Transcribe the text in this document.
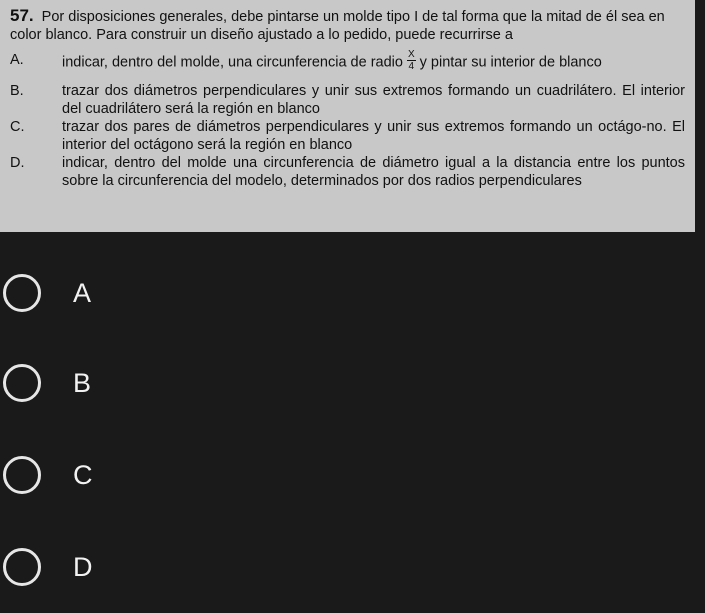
57. Por disposiciones generales, debe pintarse un molde tipo I de tal forma que la mitad de él sea en color blanco. Para construir un diseño ajustado a lo pedido, puede recurrirse a

A.	indicar, dentro del molde, una circunferencia de radio $\frac{X}{4}$ y pintar su interior de blanco
B.	trazar dos diámetros perpendiculares y unir sus extremos formando un cuadrilátero. El interior del cuadrilátero será la región en blanco
C.	trazar dos pares de diámetros perpendiculares y unir sus extremos formando un octágo-no. El interior del octágono será la región en blanco
D.	indicar, dentro del molde una circunferencia de diámetro igual a la distancia entre los puntos sobre la circunferencia del modelo, determinados por dos radios perpendiculares
A
B
C
D
